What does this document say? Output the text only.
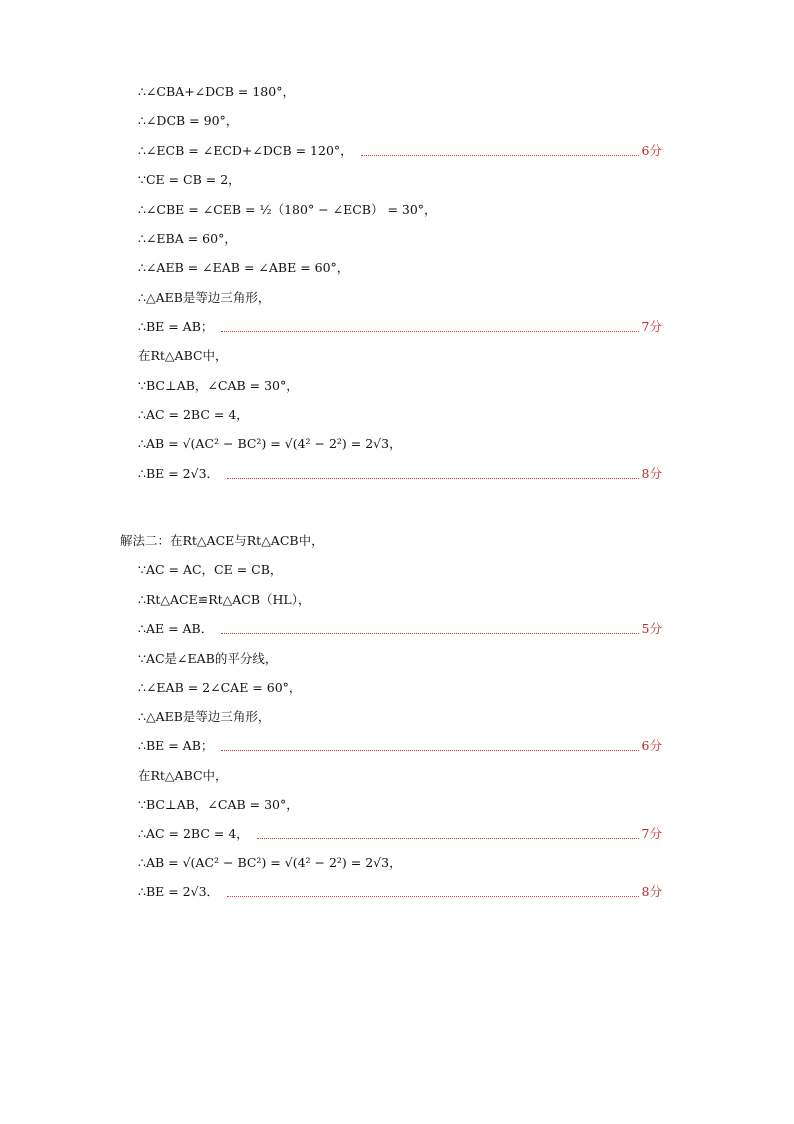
∴∠CBA+∠DCB = 180°，
∴∠DCB = 90°，
∴∠ECB = ∠ECD+∠DCB = 120°，	6分
∵CE = CB = 2，
∴∠CBE = ∠CEB = ½（180° − ∠ECB） = 30°，
∴∠EBA = 60°，
∴∠AEB = ∠EAB = ∠ABE = 60°，
∴△AEB是等边三角形，
∴BE = AB；	7分
在Rt△ABC中，
∵BC⊥AB，∠CAB = 30°，
∴AC = 2BC = 4，
∴AB = √(AC² − BC²) = √(4² − 2²) = 2√3，
∴BE = 2√3．	8分
解法二：在Rt△ACE与Rt△ACB中，
∵AC = AC，CE = CB，
∴Rt△ACE≌Rt△ACB（HL），
∴AE = AB．	5分
∵AC是∠EAB的平分线，
∴∠EAB = 2∠CAE = 60°，
∴△AEB是等边三角形，
∴BE = AB；	6分
在Rt△ABC中，
∵BC⊥AB，∠CAB = 30°，
∴AC = 2BC = 4，	7分
∴AB = √(AC² − BC²) = √(4² − 2²) = 2√3，
∴BE = 2√3．	8分
